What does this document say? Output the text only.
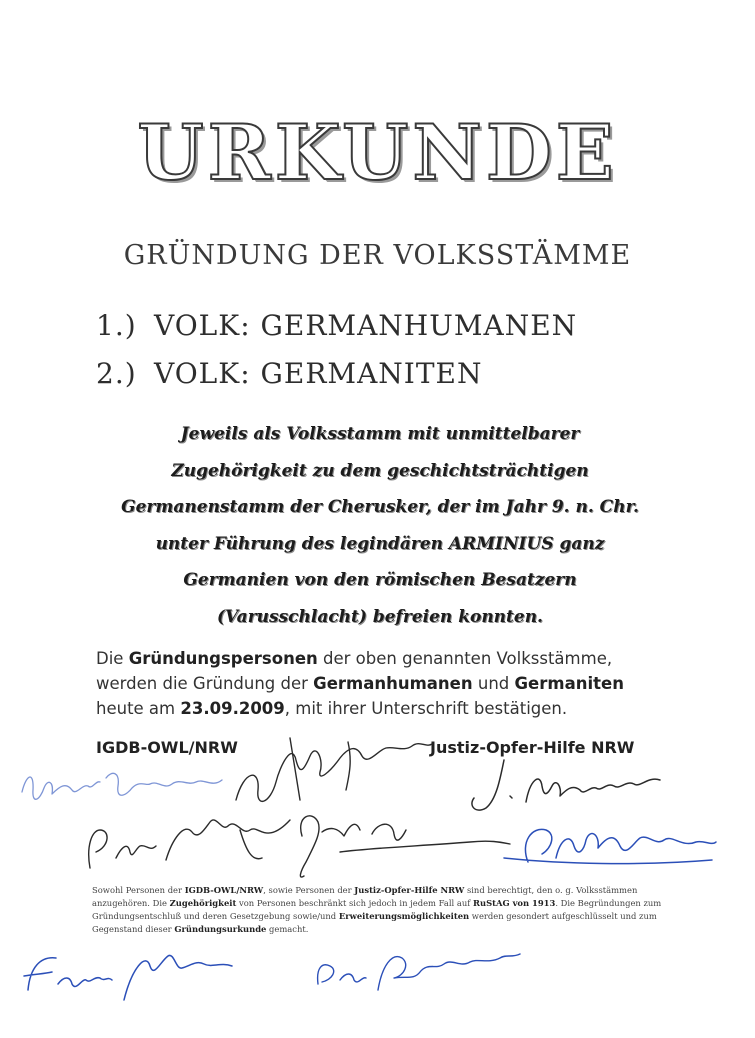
URKUNDE
GRÜNDUNG DER VOLKSSTÄMME
1.) VOLK: GERMANHUMANEN
2.) VOLK: GERMANITEN
Jeweils als Volksstamm mit unmittelbarer
Zugehörigkeit zu dem geschichtsträchtigen
Germanenstamm der Cherusker, der im Jahr 9. n. Chr.
unter Führung des legindären ARMINIUS ganz
Germanien von den römischen Besatzern
(Varusschlacht) befreien konnten.
Die Gründungspersonen der oben genannten Volksstämme,
werden die Gründung der Germanhumanen und Germaniten
heute am 23.09.2009, mit ihrer Unterschrift bestätigen.
IGDB-OWL/NRW	Justiz-Opfer-Hilfe NRW
Sowohl Personen der IGDB-OWL/NRW, sowie Personen der Justiz-Opfer-Hilfe NRW sind berechtigt, den o. g. Volksstämmen
anzugehören. Die Zugehörigkeit von Personen beschränkt sich jedoch in jedem Fall auf RuStAG von 1913. Die Begründungen zum
Gründungsentschluß und deren Gesetzgebung sowie/und Erweiterungsmöglichkeiten werden gesondert aufgeschlüsselt und zum
Gegenstand dieser Gründungsurkunde gemacht.
